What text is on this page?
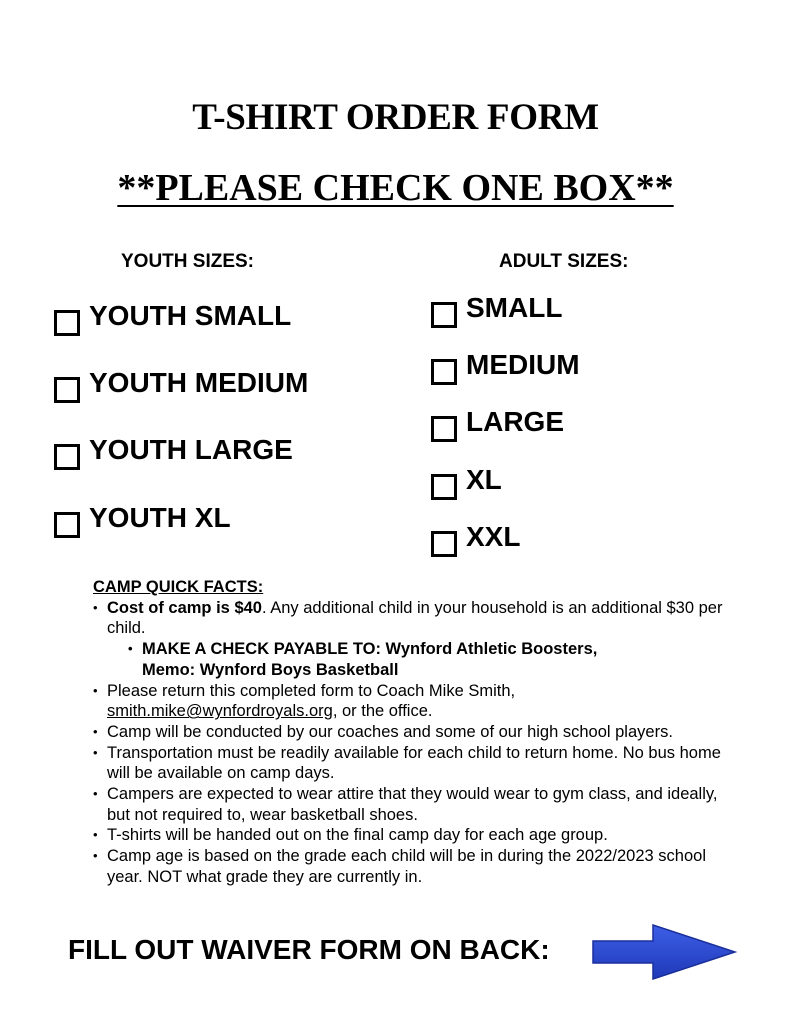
T-SHIRT ORDER FORM
**PLEASE CHECK ONE BOX**

YOUTH SIZES:	ADULT SIZES:

YOUTH SMALL
YOUTH MEDIUM
YOUTH LARGE
YOUTH XL
SMALL
MEDIUM
LARGE
XL
XXL

CAMP QUICK FACTS:

• Cost of camp is $40. Any additional child in your household is an additional $30 per child.
• MAKE A CHECK PAYABLE TO: Wynford Athletic Boosters,
Memo: Wynford Boys Basketball
• Please return this completed form to Coach Mike Smith, smith.mike@wynfordroyals.org, or the office.
• Camp will be conducted by our coaches and some of our high school players.
• Transportation must be readily available for each child to return home. No bus home will be available on camp days.
• Campers are expected to wear attire that they would wear to gym class, and ideally, but not required to, wear basketball shoes.
• T-shirts will be handed out on the final camp day for each age group.
• Camp age is based on the grade each child will be in during the 2022/2023 school year. NOT what grade they are currently in.

FILL OUT WAIVER FORM ON BACK:
